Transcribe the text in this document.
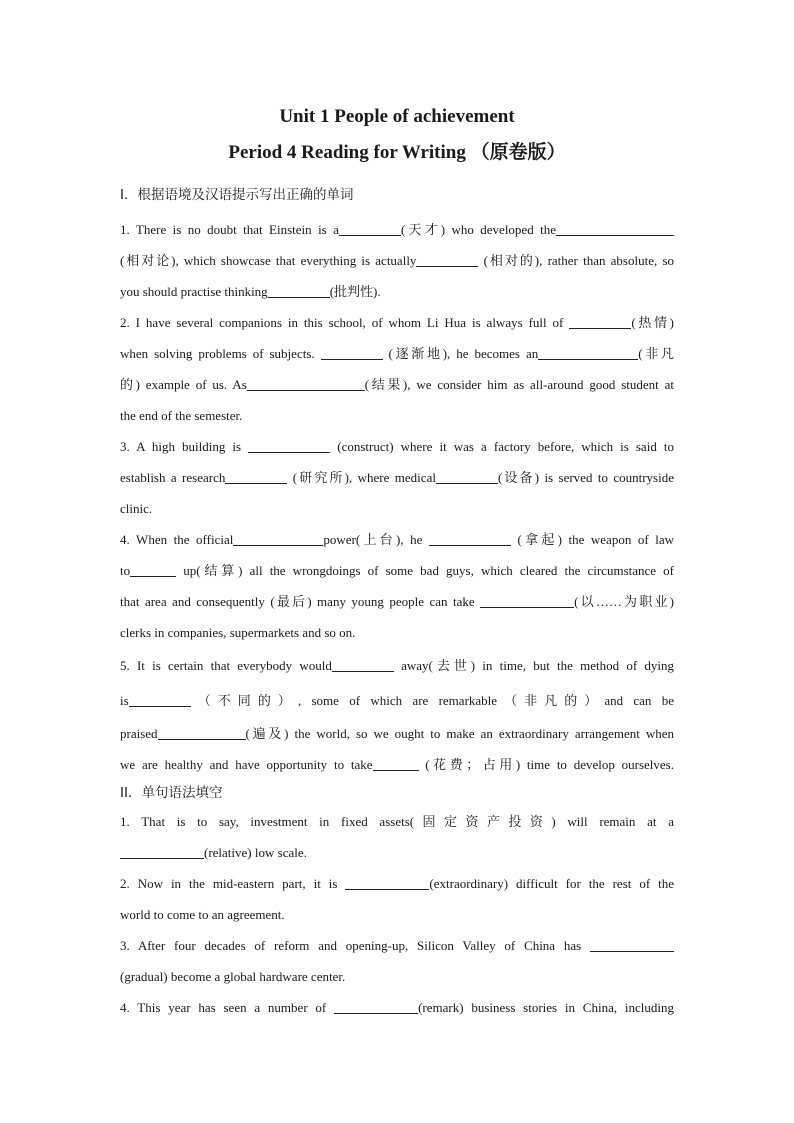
Unit 1 People of achievement
Period 4 Reading for Writing （原卷版）
I．根据语境及汉语提示写出正确的单词
1. There is no doubt that Einstein is a	(天才) who developed the
(相对论), which showcase that everything is actually	(相对的), rather than absolute, so
you should practise thinking	(批判性).
2. I have several companions in this school, of whom Li Hua is always full of	(热情)
when solving problems of subjects.	(逐渐地), he becomes an	(非凡
的) example of us. As	(结果), we consider him as all-around good student at
the end of the semester.
3. A high building is	(construct) where it was a factory before, which is said to
establish a research	(研究所), where medical	(设备) is served to countryside
clinic.
4. When the official	power(上台), he	(拿起) the weapon of law
to	up(结算) all the wrongdoings of some bad guys, which cleared the circumstance of
that area and consequently (最后) many young people can take	(以……为职业)
clerks in companies, supermarkets and so on.
5. It is certain that everybody would	away(去世) in time, but the method of dying
is	（不同的）, some of which are remarkable（非凡的）and can be
praised	(遍及) the world, so we ought to make an extraordinary arrangement when
we are healthy and have opportunity to take	(花费；占用) time to develop ourselves.
II．单句语法填空
1. That is to say, investment in fixed assets(固定资产投资) will remain at a
(relative) low scale.
2. Now in the mid-eastern part, it is	(extraordinary) difficult for the rest of the
world to come to an agreement.
3. After four decades of reform and opening-up, Silicon Valley of China has
(gradual) become a global hardware center.
4. This year has seen a number of	(remark) business stories in China, including
